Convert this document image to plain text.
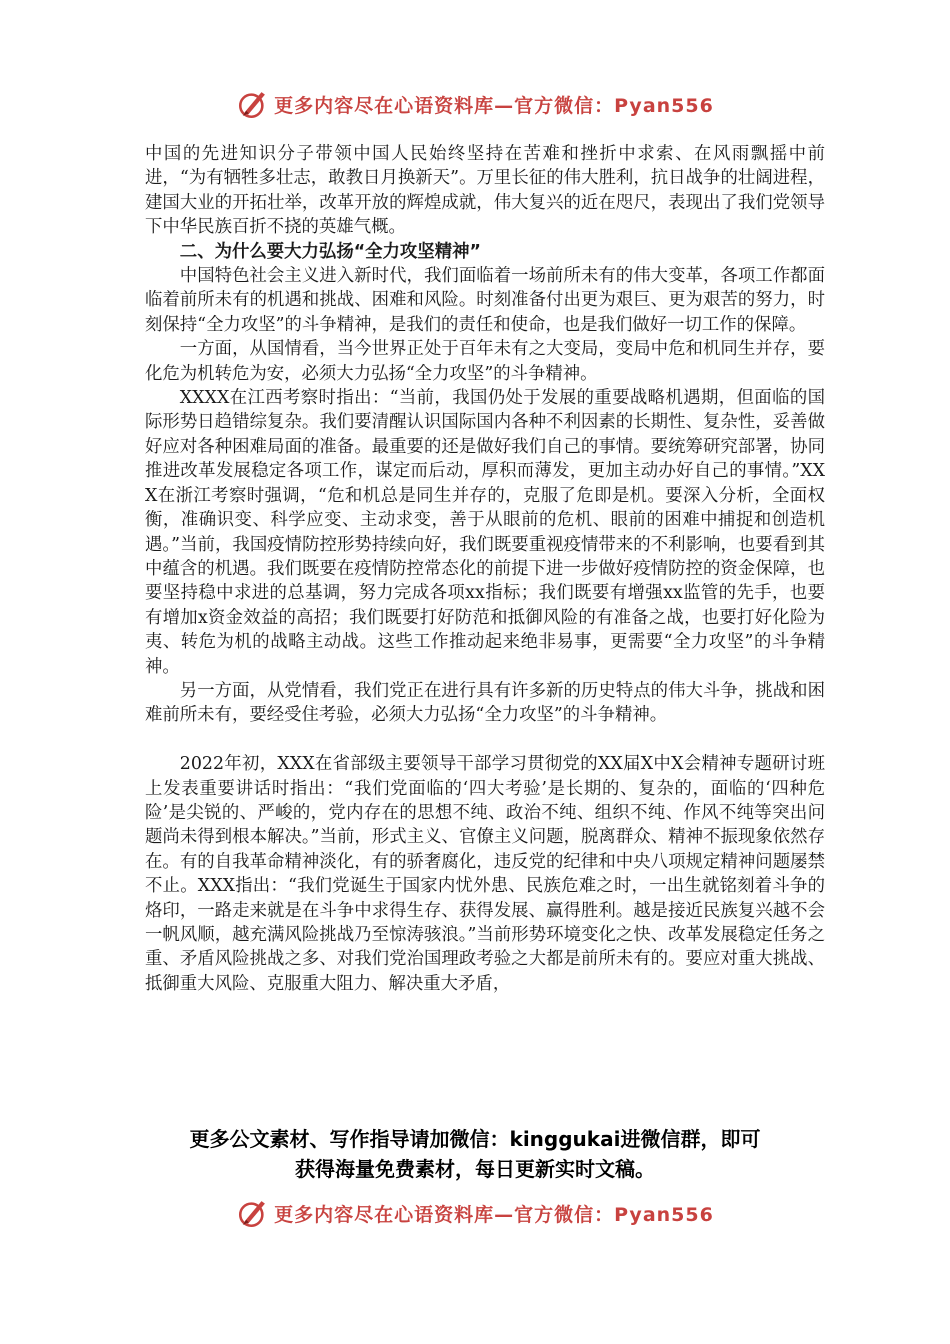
更多内容尽在心语资料库—官方微信：Pyan556

中国的先进知识分子带领中国人民始终坚持在苦难和挫折中求索、在风雨飘摇中前进，“为有牺牲多壮志，敢教日月换新天”。万里长征的伟大胜利，抗日战争的壮阔进程，建国大业的开拓壮举，改革开放的辉煌成就，伟大复兴的近在咫尺，表现出了我们党领导下中华民族百折不挠的英雄气概。

二、为什么要大力弘扬“全力攻坚精神”

中国特色社会主义进入新时代，我们面临着一场前所未有的伟大变革，各项工作都面临着前所未有的机遇和挑战、困难和风险。时刻准备付出更为艰巨、更为艰苦的努力，时刻保持“全力攻坚”的斗争精神，是我们的责任和使命，也是我们做好一切工作的保障。

一方面，从国情看，当今世界正处于百年未有之大变局，变局中危和机同生并存，要化危为机转危为安，必须大力弘扬“全力攻坚”的斗争精神。

XXXX在江西考察时指出：“当前，我国仍处于发展的重要战略机遇期，但面临的国际形势日趋错综复杂。我们要清醒认识国际国内各种不利因素的长期性、复杂性，妥善做好应对各种困难局面的准备。最重要的还是做好我们自己的事情。要统筹研究部署，协同推进改革发展稳定各项工作，谋定而后动，厚积而薄发，更加主动办好自己的事情。”XXX在浙江考察时强调，“危和机总是同生并存的，克服了危即是机。要深入分析，全面权衡，准确识变、科学应变、主动求变，善于从眼前的危机、眼前的困难中捕捉和创造机遇。”当前，我国疫情防控形势持续向好，我们既要重视疫情带来的不利影响，也要看到其中蕴含的机遇。我们既要在疫情防控常态化的前提下进一步做好疫情防控的资金保障，也要坚持稳中求进的总基调，努力完成各项xx指标；我们既要有增强xx监管的先手，也要有增加x资金效益的高招；我们既要打好防范和抵御风险的有准备之战，也要打好化险为夷、转危为机的战略主动战。这些工作推动起来绝非易事，更需要“全力攻坚”的斗争精神。

另一方面，从党情看，我们党正在进行具有许多新的历史特点的伟大斗争，挑战和困难前所未有，要经受住考验，必须大力弘扬“全力攻坚”的斗争精神。

2022年初，XXX在省部级主要领导干部学习贯彻党的XX届X中X会精神专题研讨班上发表重要讲话时指出：“我们党面临的‘四大考验’是长期的、复杂的，面临的‘四种危险’是尖锐的、严峻的，党内存在的思想不纯、政治不纯、组织不纯、作风不纯等突出问题尚未得到根本解决。”当前，形式主义、官僚主义问题，脱离群众、精神不振现象依然存在。有的自我革命精神淡化，有的骄奢腐化，违反党的纪律和中央八项规定精神问题屡禁不止。XXX指出：“我们党诞生于国家内忧外患、民族危难之时，一出生就铭刻着斗争的烙印，一路走来就是在斗争中求得生存、获得发展、赢得胜利。越是接近民族复兴越不会一帆风顺，越充满风险挑战乃至惊涛骇浪。”当前形势环境变化之快、改革发展稳定任务之重、矛盾风险挑战之多、对我们党治国理政考验之大都是前所未有的。要应对重大挑战、抵御重大风险、克服重大阻力、解决重大矛盾，

更多公文素材、写作指导请加微信：kinggukai进微信群，即可
获得海量免费素材，每日更新实时文稿。
更多内容尽在心语资料库—官方微信：Pyan556
